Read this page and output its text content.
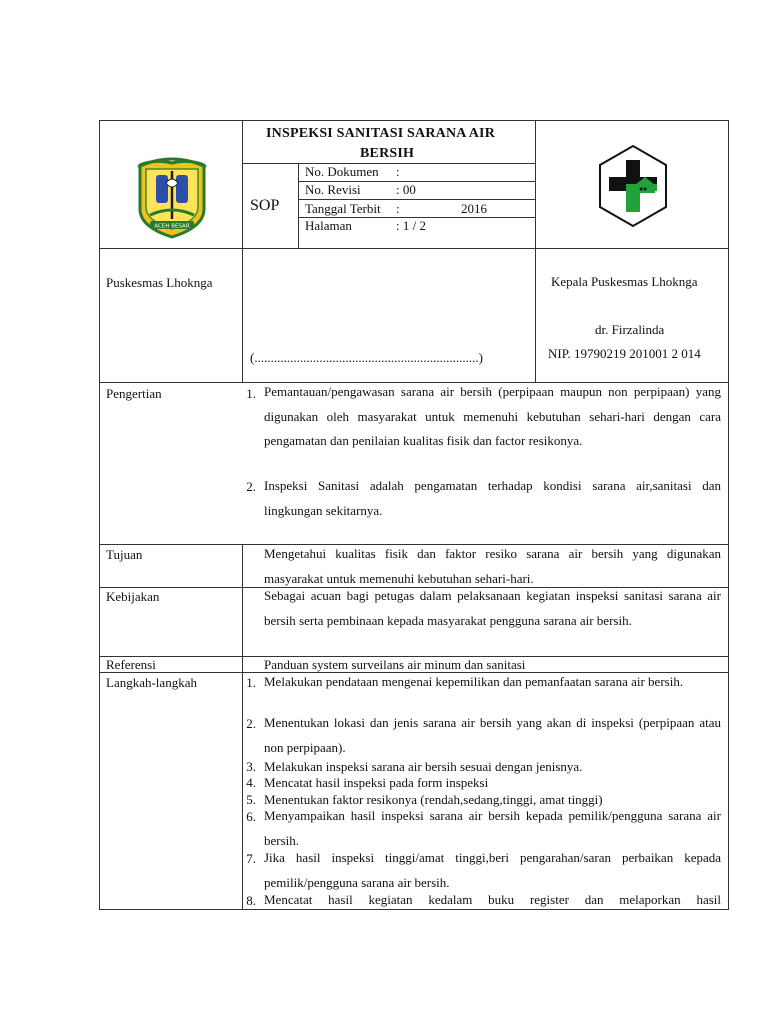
ACEH BESAR
INSPEKSI SANITASI SARANA AIR
BERSIH
SOP
No. Dokumen :
No. Revisi	: 00
Tanggal Terbit :	2016
Halaman	: 1 / 2
Puskesmas Lhoknga
(.....................................................................)
Kepala Puskesmas Lhoknga
dr. Firzalinda
NIP. 19790219 201001 2 014
Pengertian	1. Pemantauan/pengawasan sarana air bersih (perpipaan maupun non perpipaan) yang digunakan oleh masyarakat untuk memenuhi kebutuhan sehari-hari dengan cara pengamatan dan penilaian kualitas fisik dan factor resikonya.
2. Inspeksi Sanitasi adalah pengamatan terhadap kondisi sarana air,sanitasi dan lingkungan sekitarnya.
Tujuan	Mengetahui kualitas fisik dan faktor resiko sarana air bersih yang digunakan masyarakat untuk memenuhi kebutuhan sehari-hari.
Kebijakan	Sebagai acuan bagi petugas dalam pelaksanaan kegiatan inspeksi sanitasi sarana air bersih serta pembinaan kepada masyarakat pengguna sarana air bersih.
Referensi	Panduan system surveilans air minum dan sanitasi
Langkah-langkah	1. Melakukan pendataan mengenai kepemilikan dan pemanfaatan sarana air bersih.
2. Menentukan lokasi dan jenis sarana air bersih yang akan di inspeksi (perpipaan atau non perpipaan).
3. Melakukan inspeksi sarana air bersih sesuai dengan jenisnya.
4. Mencatat hasil inspeksi pada form inspeksi
5. Menentukan faktor resikonya (rendah,sedang,tinggi, amat tinggi)
6. Menyampaikan hasil inspeksi sarana air bersih kepada pemilik/pengguna sarana air bersih.
7. Jika hasil inspeksi tinggi/amat tinggi,beri pengarahan/saran perbaikan kepada pemilik/pengguna sarana air bersih.
8. Mencatat hasil kegiatan kedalam buku register dan melaporkan hasil
